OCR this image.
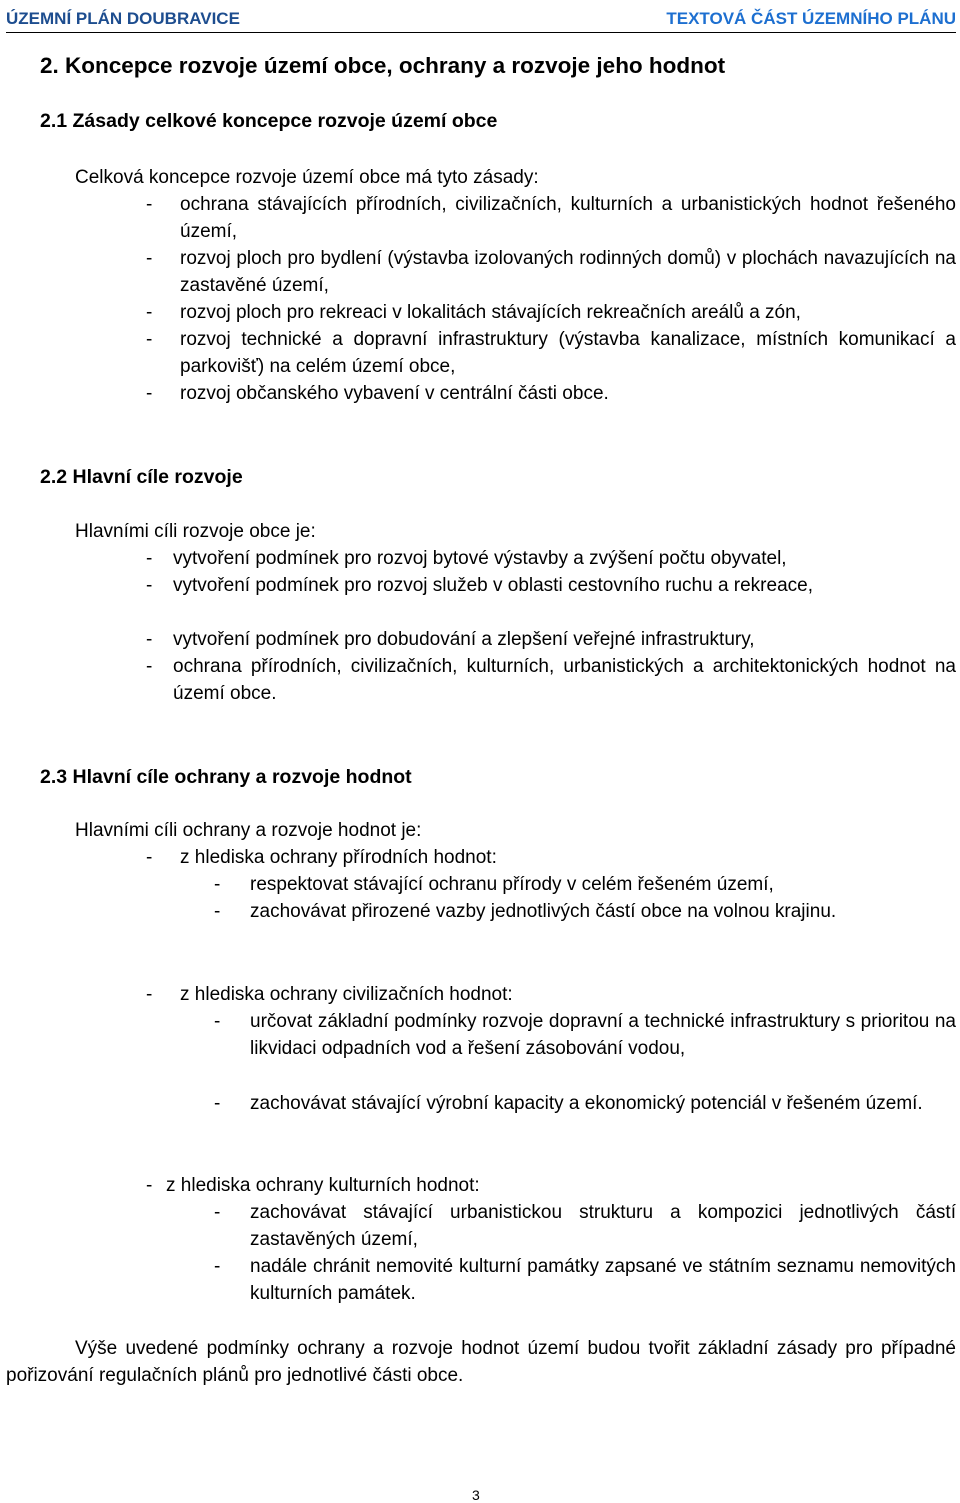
ÚZEMNÍ PLÁN DOUBRAVICE	TEXTOVÁ ČÁST ÚZEMNÍHO PLÁNU
2. Koncepce rozvoje území obce, ochrany a rozvoje jeho hodnot
2.1 Zásady celkové koncepce rozvoje území obce
Celková koncepce rozvoje území obce má tyto zásady:
- ochrana stávajících přírodních, civilizačních, kulturních a urbanistických hodnot řešeného území,
- rozvoj ploch pro bydlení (výstavba izolovaných rodinných domů) v plochách navazujících na zastavěné území,
- rozvoj ploch pro rekreaci v lokalitách stávajících rekreačních areálů a zón,
- rozvoj technické a dopravní infrastruktury (výstavba kanalizace, místních komunikací a parkovišť) na celém území obce,
- rozvoj občanského vybavení v centrální části obce.
2.2 Hlavní cíle rozvoje
Hlavními cíli rozvoje obce je:
- vytvoření podmínek pro rozvoj bytové výstavby a zvýšení počtu obyvatel,
- vytvoření podmínek pro rozvoj služeb v oblasti cestovního ruchu a rekreace,
- vytvoření podmínek pro dobudování a zlepšení veřejné infrastruktury,
- ochrana přírodních, civilizačních, kulturních, urbanistických a architektonických hodnot na území obce.
2.3 Hlavní cíle ochrany a rozvoje hodnot
Hlavními cíli ochrany a rozvoje hodnot je:
- z hlediska ochrany přírodních hodnot:
- respektovat stávající ochranu přírody v celém řešeném území,
- zachovávat přirozené vazby jednotlivých částí obce na volnou krajinu.
- z hlediska ochrany civilizačních hodnot:
- určovat základní podmínky rozvoje dopravní a technické infrastruktury s prioritou na likvidaci odpadních vod a řešení zásobování vodou,
- zachovávat stávající výrobní kapacity a ekonomický potenciál v řešeném území.
- z hlediska ochrany kulturních hodnot:
- zachovávat stávající urbanistickou strukturu a kompozici jednotlivých částí zastavěných území,
- nadále chránit nemovité kulturní památky zapsané ve státním seznamu nemovitých kulturních památek.
Výše uvedené podmínky ochrany a rozvoje hodnot území budou tvořit základní zásady pro případné pořizování regulačních plánů pro jednotlivé části obce.
3
